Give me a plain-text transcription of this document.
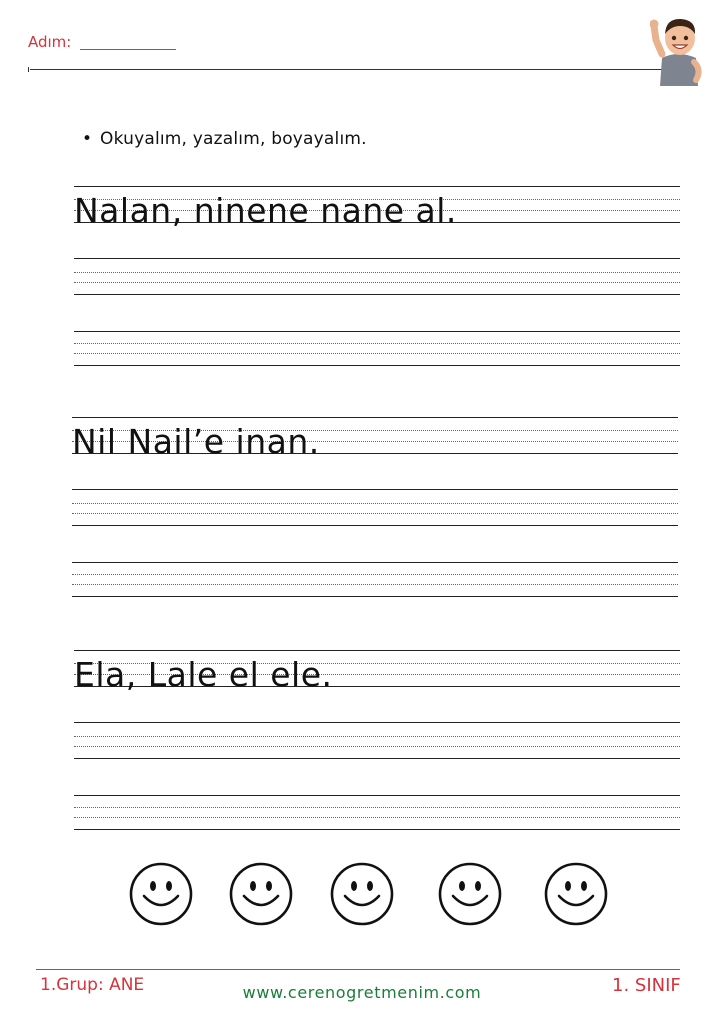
Adım:
• Okuyalım, yazalım, boyayalım.
Nalan, ninene nane al.
Nil Nail’e inan.
Ela, Lale el ele.
1.Grup: ANE	www.cerenogretmenim.com	1. SINIF
